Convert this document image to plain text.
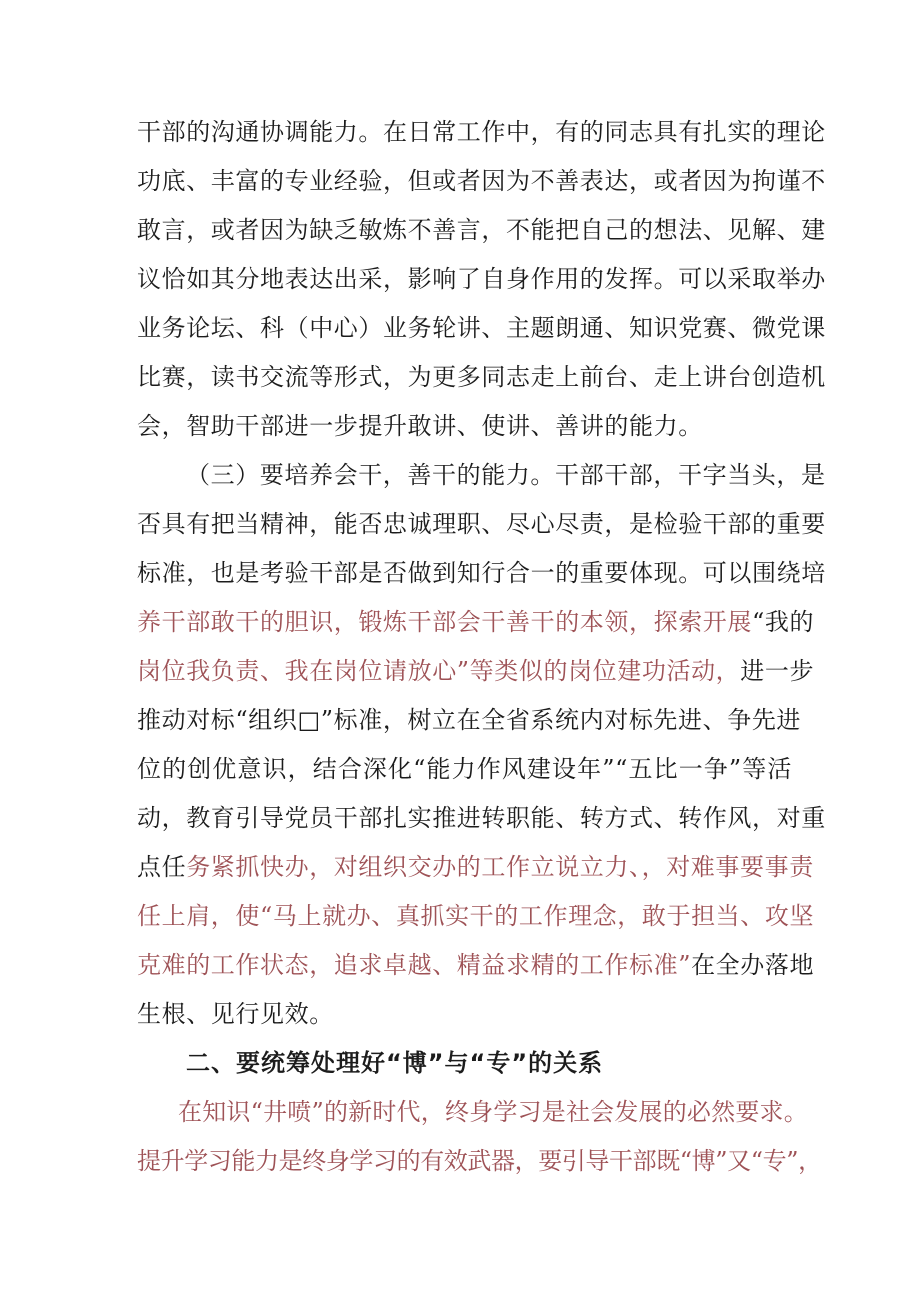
干部的沟通协调能力。在日常工作中，有的同志具有扎实的理论
功底、丰富的专业经验，但或者因为不善表达，或者因为拘谨不
敢言，或者因为缺乏敏炼不善言，不能把自己的想法、见解、建
议恰如其分地表达出采，影响了自身作用的发挥。可以采取举办
业务论坛、科（中心）业务轮讲、主题朗通、知识党赛、微党课
比赛，读书交流等形式，为更多同志走上前台、走上讲台创造机
会，智助干部进一步提升敢讲、使讲、善讲的能力。
（三）要培养会干，善干的能力。干部干部，干字当头，是
否具有把当精神，能否忠诚理职、尽心尽责，是检验干部的重要
标准，也是考验干部是否做到知行合一的重要体现。可以围绕培
养干部敢干的胆识，锻炼干部会干善干的本领，探索开展“我的
岗位我负责、我在岗位请放心”等类似的岗位建功活动，进一步
推动对标“组织□”标准，树立在全省系统内对标先进、争先进
位的创优意识，结合深化“能力作风建设年”“五比一争”等活
动，教育引导党员干部扎实推进转职能、转方式、转作风，对重
点任务紧抓快办，对组织交办的工作立说立力、，对难事要事责
任上肩，使“马上就办、真抓实干的工作理念，敢于担当、攻坚
克难的工作状态，追求卓越、精益求精的工作标准”在全办落地
生根、见行见效。
二、要统筹处理好“博”与“专”的关系
在知识“井喷”的新时代，终身学习是社会发展的必然要求。
提升学习能力是终身学习的有效武器，要引导干部既“博”又“专”，
